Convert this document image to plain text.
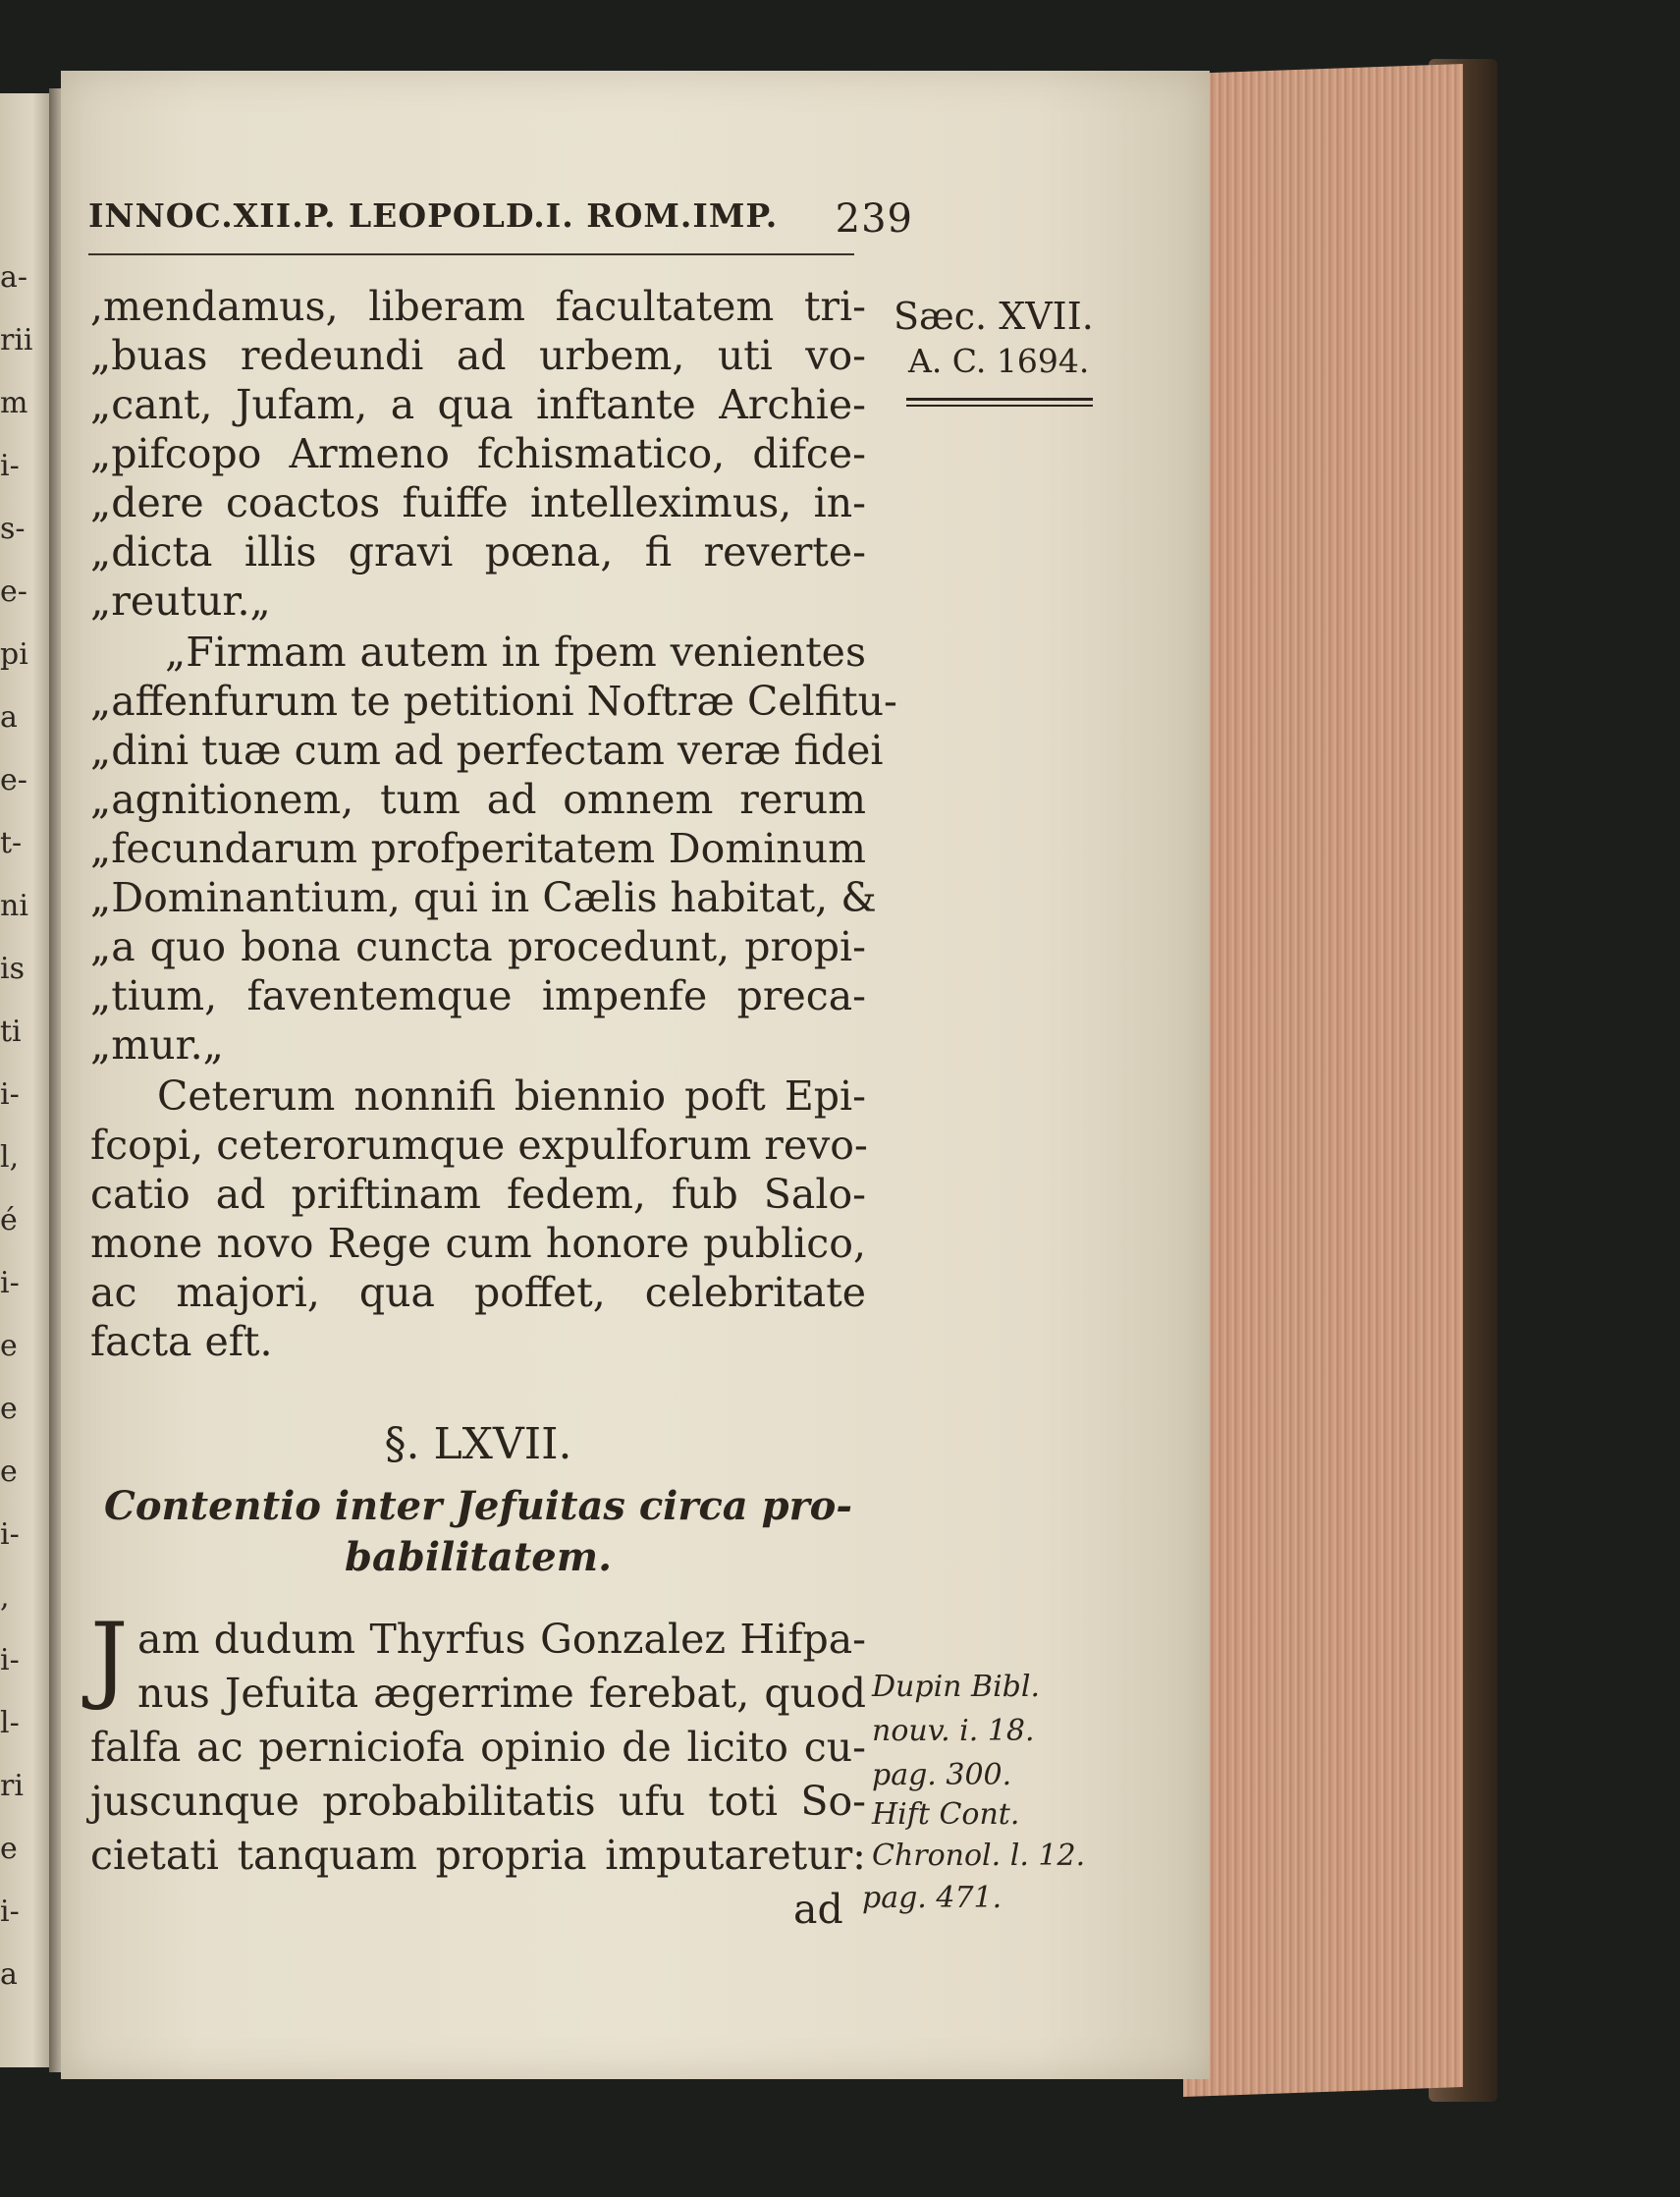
a-
rii
m
i-
s-
e-
pi
a
e-
t-
ni
is
ti
i-
l,
é
i-
e
e
e
i-
,
i-
l-
ri
e
i-
a
INNOC.XII.P. LEOPOLD.I. ROM.IMP. 239
Sæc. XVII.
A. C. 1694.
,mendamus, liberam facultatem tri-
„buas redeundi ad urbem, uti vo-
„cant, Jufam, a qua inftante Archie-
„pifcopo Armeno fchismatico, difce-
„dere coactos fuiffe intelleximus, in-
„dicta illis gravi pœna, fi reverte-
„reutur.„
„Firmam autem in fpem venientes
„affenfurum te petitioni Noftræ Celfitu-
„dini tuæ cum ad perfectam veræ fidei
„agnitionem, tum ad omnem rerum
„fecundarum profperitatem Dominum
„Dominantium, qui in Cælis habitat, &
„a quo bona cuncta procedunt, propi-
„tium, faventemque impenfe preca-
„mur.„
Ceterum nonnifi biennio poft Epi-
fcopi, ceterorumque expulforum revo-
catio ad priftinam fedem, fub Salo-
mone novo Rege cum honore publico,
ac majori, qua poffet, celebritate
facta eft.
§. LXVII.
Contentio inter Jefuitas circa pro-
babilitatem.
J am dudum Thyrfus Gonzalez Hifpa-
nus Jefuita ægerrime ferebat, quod
falfa ac perniciofa opinio de licito cu-
juscunque probabilitatis ufu toti So-
cietati tanquam propria imputaretur:
ad
Dupin Bibl.
nouv. i. 18.
pag. 300.
Hift Cont.
Chronol. l. 12.
pag. 471.
